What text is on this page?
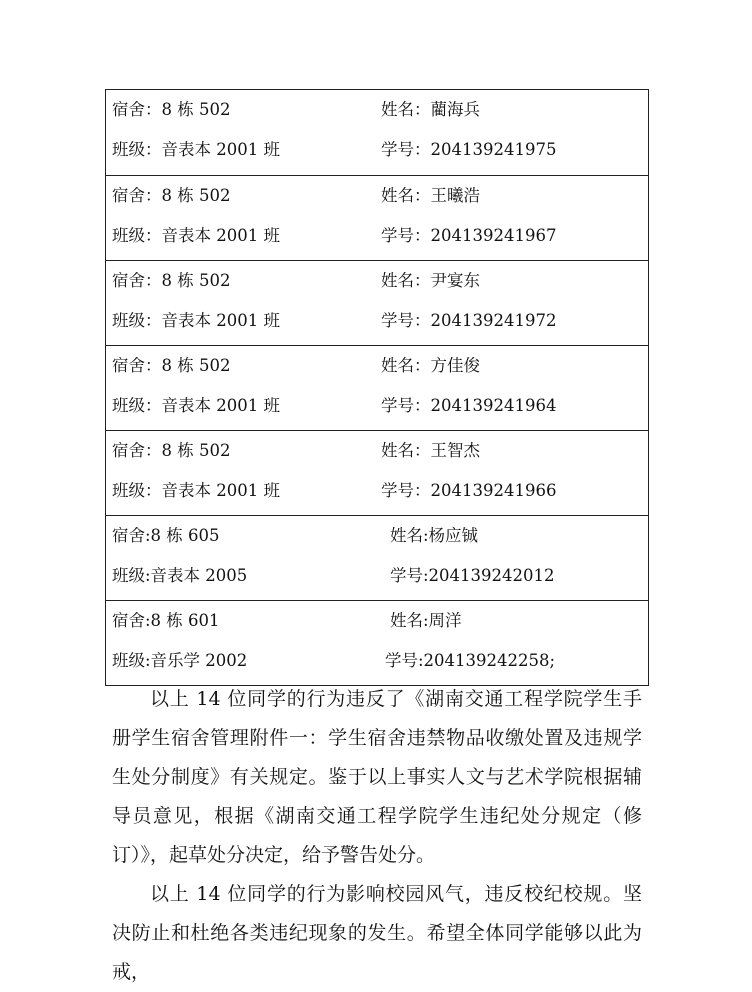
宿舍：8 栋 502	姓名：藺海兵
班级：音表本 2001 班	学号：204139241975
宿舍：8 栋 502	姓名：王曦浩
班级：音表本 2001 班	学号：204139241967
宿舍：8 栋 502	姓名：尹宴东
班级：音表本 2001 班	学号：204139241972
宿舍：8 栋 502	姓名：方佳俊
班级：音表本 2001 班	学号：204139241964
宿舍：8 栋 502	姓名：王智杰
班级：音表本 2001 班	学号：204139241966
宿舍:8 栋 605	姓名:杨应铖
班级:音表本 2005	学号:204139242012
宿舍:8 栋 601	姓名:周洋
班级:音乐学 2002	学号:204139242258;

以上 14 位同学的行为违反了《湖南交通工程学院学生手册学生宿舍管理附件一：学生宿舍违禁物品收缴处置及违规学生处分制度》有关规定。鉴于以上事实人文与艺术学院根据辅导员意见，根据《湖南交通工程学院学生违纪处分规定（修订）》，起草处分决定，给予警告处分。

以上 14 位同学的行为影响校园风气，违反校纪校规。坚决防止和杜绝各类违纪现象的发生。希望全体同学能够以此为戒，
